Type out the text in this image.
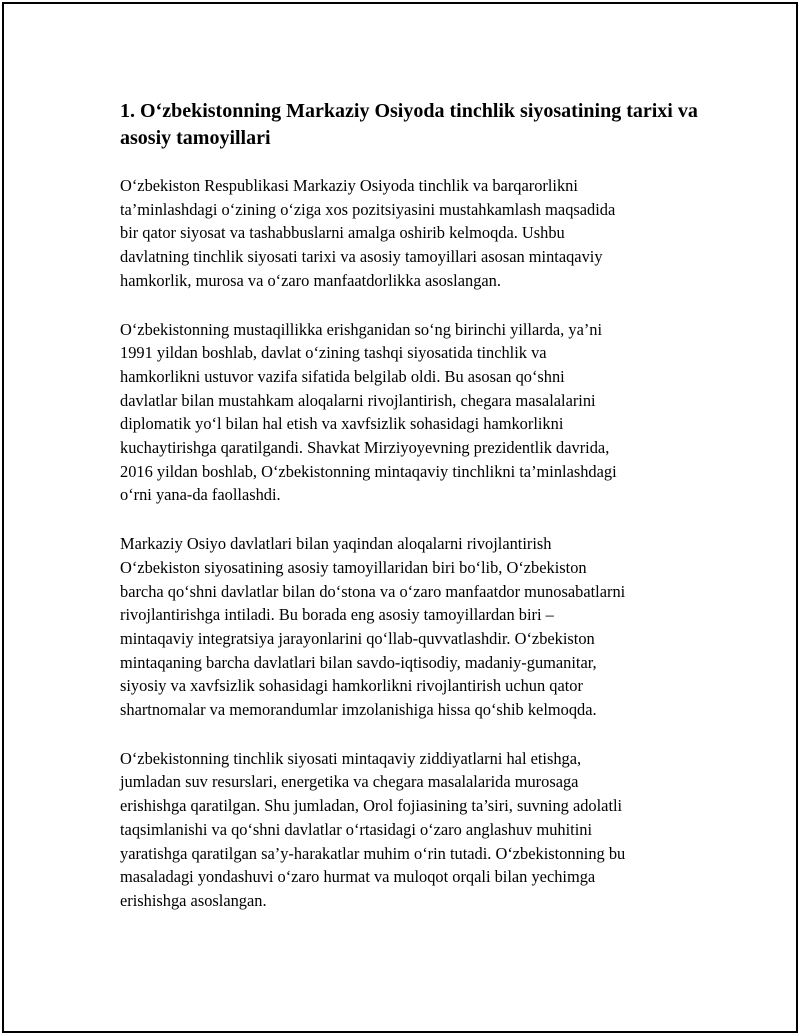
1. O‘zbekistonning Markaziy Osiyoda tinchlik siyosatining tarixi va asosiy tamoyillari

O‘zbekiston Respublikasi Markaziy Osiyoda tinchlik va barqarorlikni
ta’minlashdagi o‘zining o‘ziga xos pozitsiyasini mustahkamlash maqsadida
bir qator siyosat va tashabbuslarni amalga oshirib kelmoqda. Ushbu
davlatning tinchlik siyosati tarixi va asosiy tamoyillari asosan mintaqaviy
hamkorlik, murosa va o‘zaro manfaatdorlikka asoslangan.

O‘zbekistonning mustaqillikka erishganidan so‘ng birinchi yillarda, ya’ni
1991 yildan boshlab, davlat o‘zining tashqi siyosatida tinchlik va
hamkorlikni ustuvor vazifa sifatida belgilab oldi. Bu asosan qo‘shni
davlatlar bilan mustahkam aloqalarni rivojlantirish, chegara masalalarini
diplomatik yo‘l bilan hal etish va xavfsizlik sohasidagi hamkorlikni
kuchaytirishga qaratilgandi. Shavkat Mirziyoyevning prezidentlik davrida,
2016 yildan boshlab, O‘zbekistonning mintaqaviy tinchlikni ta’minlashdagi
o‘rni yana-da faollashdi.

Markaziy Osiyo davlatlari bilan yaqindan aloqalarni rivojlantirish
O‘zbekiston siyosatining asosiy tamoyillaridan biri bo‘lib, O‘zbekiston
barcha qo‘shni davlatlar bilan do‘stona va o‘zaro manfaatdor munosabatlarni
rivojlantirishga intiladi. Bu borada eng asosiy tamoyillardan biri –
mintaqaviy integratsiya jarayonlarini qo‘llab-quvvatlashdir. O‘zbekiston
mintaqaning barcha davlatlari bilan savdo-iqtisodiy, madaniy-gumanitar,
siyosiy va xavfsizlik sohasidagi hamkorlikni rivojlantirish uchun qator
shartnomalar va memorandumlar imzolanishiga hissa qo‘shib kelmoqda.

O‘zbekistonning tinchlik siyosati mintaqaviy ziddiyatlarni hal etishga,
jumladan suv resurslari, energetika va chegara masalalarida murosaga
erishishga qaratilgan. Shu jumladan, Orol fojiasining ta’siri, suvning adolatli
taqsimlanishi va qo‘shni davlatlar o‘rtasidagi o‘zaro anglashuv muhitini
yaratishga qaratilgan sa’y-harakatlar muhim o‘rin tutadi. O‘zbekistonning bu
masaladagi yondashuvi o‘zaro hurmat va muloqot orqali bilan yechimga
erishishga asoslangan.
